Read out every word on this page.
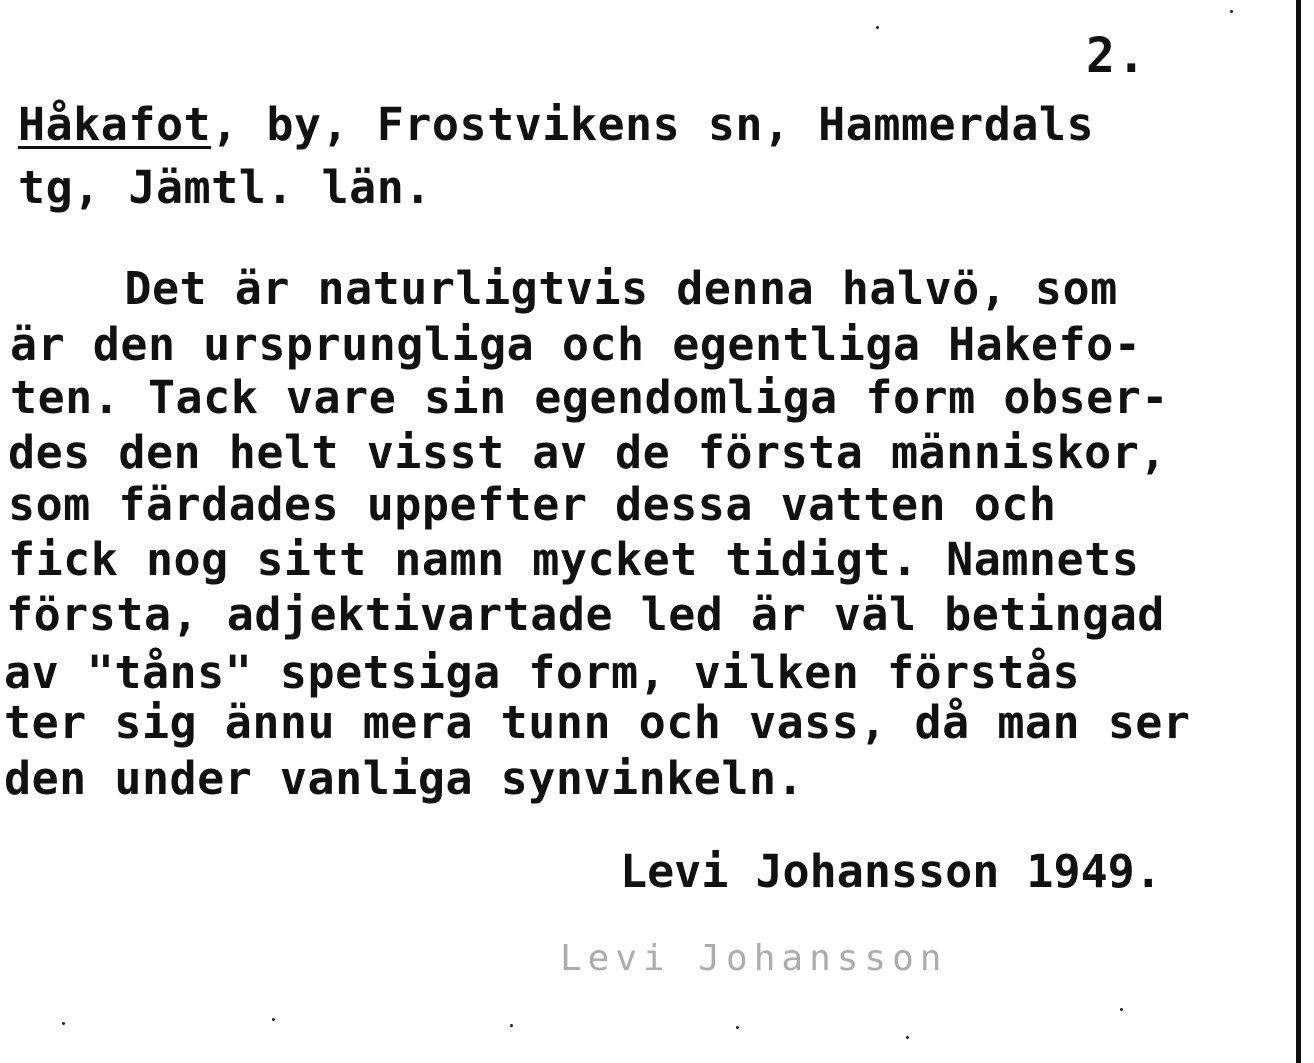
2.
Håkafot, by, Frostvikens sn, Hammerdals
tg, Jämtl. län.
Det är naturligtvis denna halvö, som
är den ursprungliga och egentliga Hakefo-
ten. Tack vare sin egendomliga form obser-
des den helt visst av de första människor,
som färdades uppefter dessa vatten och
fick nog sitt namn mycket tidigt. Namnets
första, adjektivartade led är väl betingad
av "tåns" spetsiga form, vilken förstås
ter sig ännu mera tunn och vass, då man ser
den under vanliga synvinkeln.
Levi Johansson 1949.
Levi Johansson
